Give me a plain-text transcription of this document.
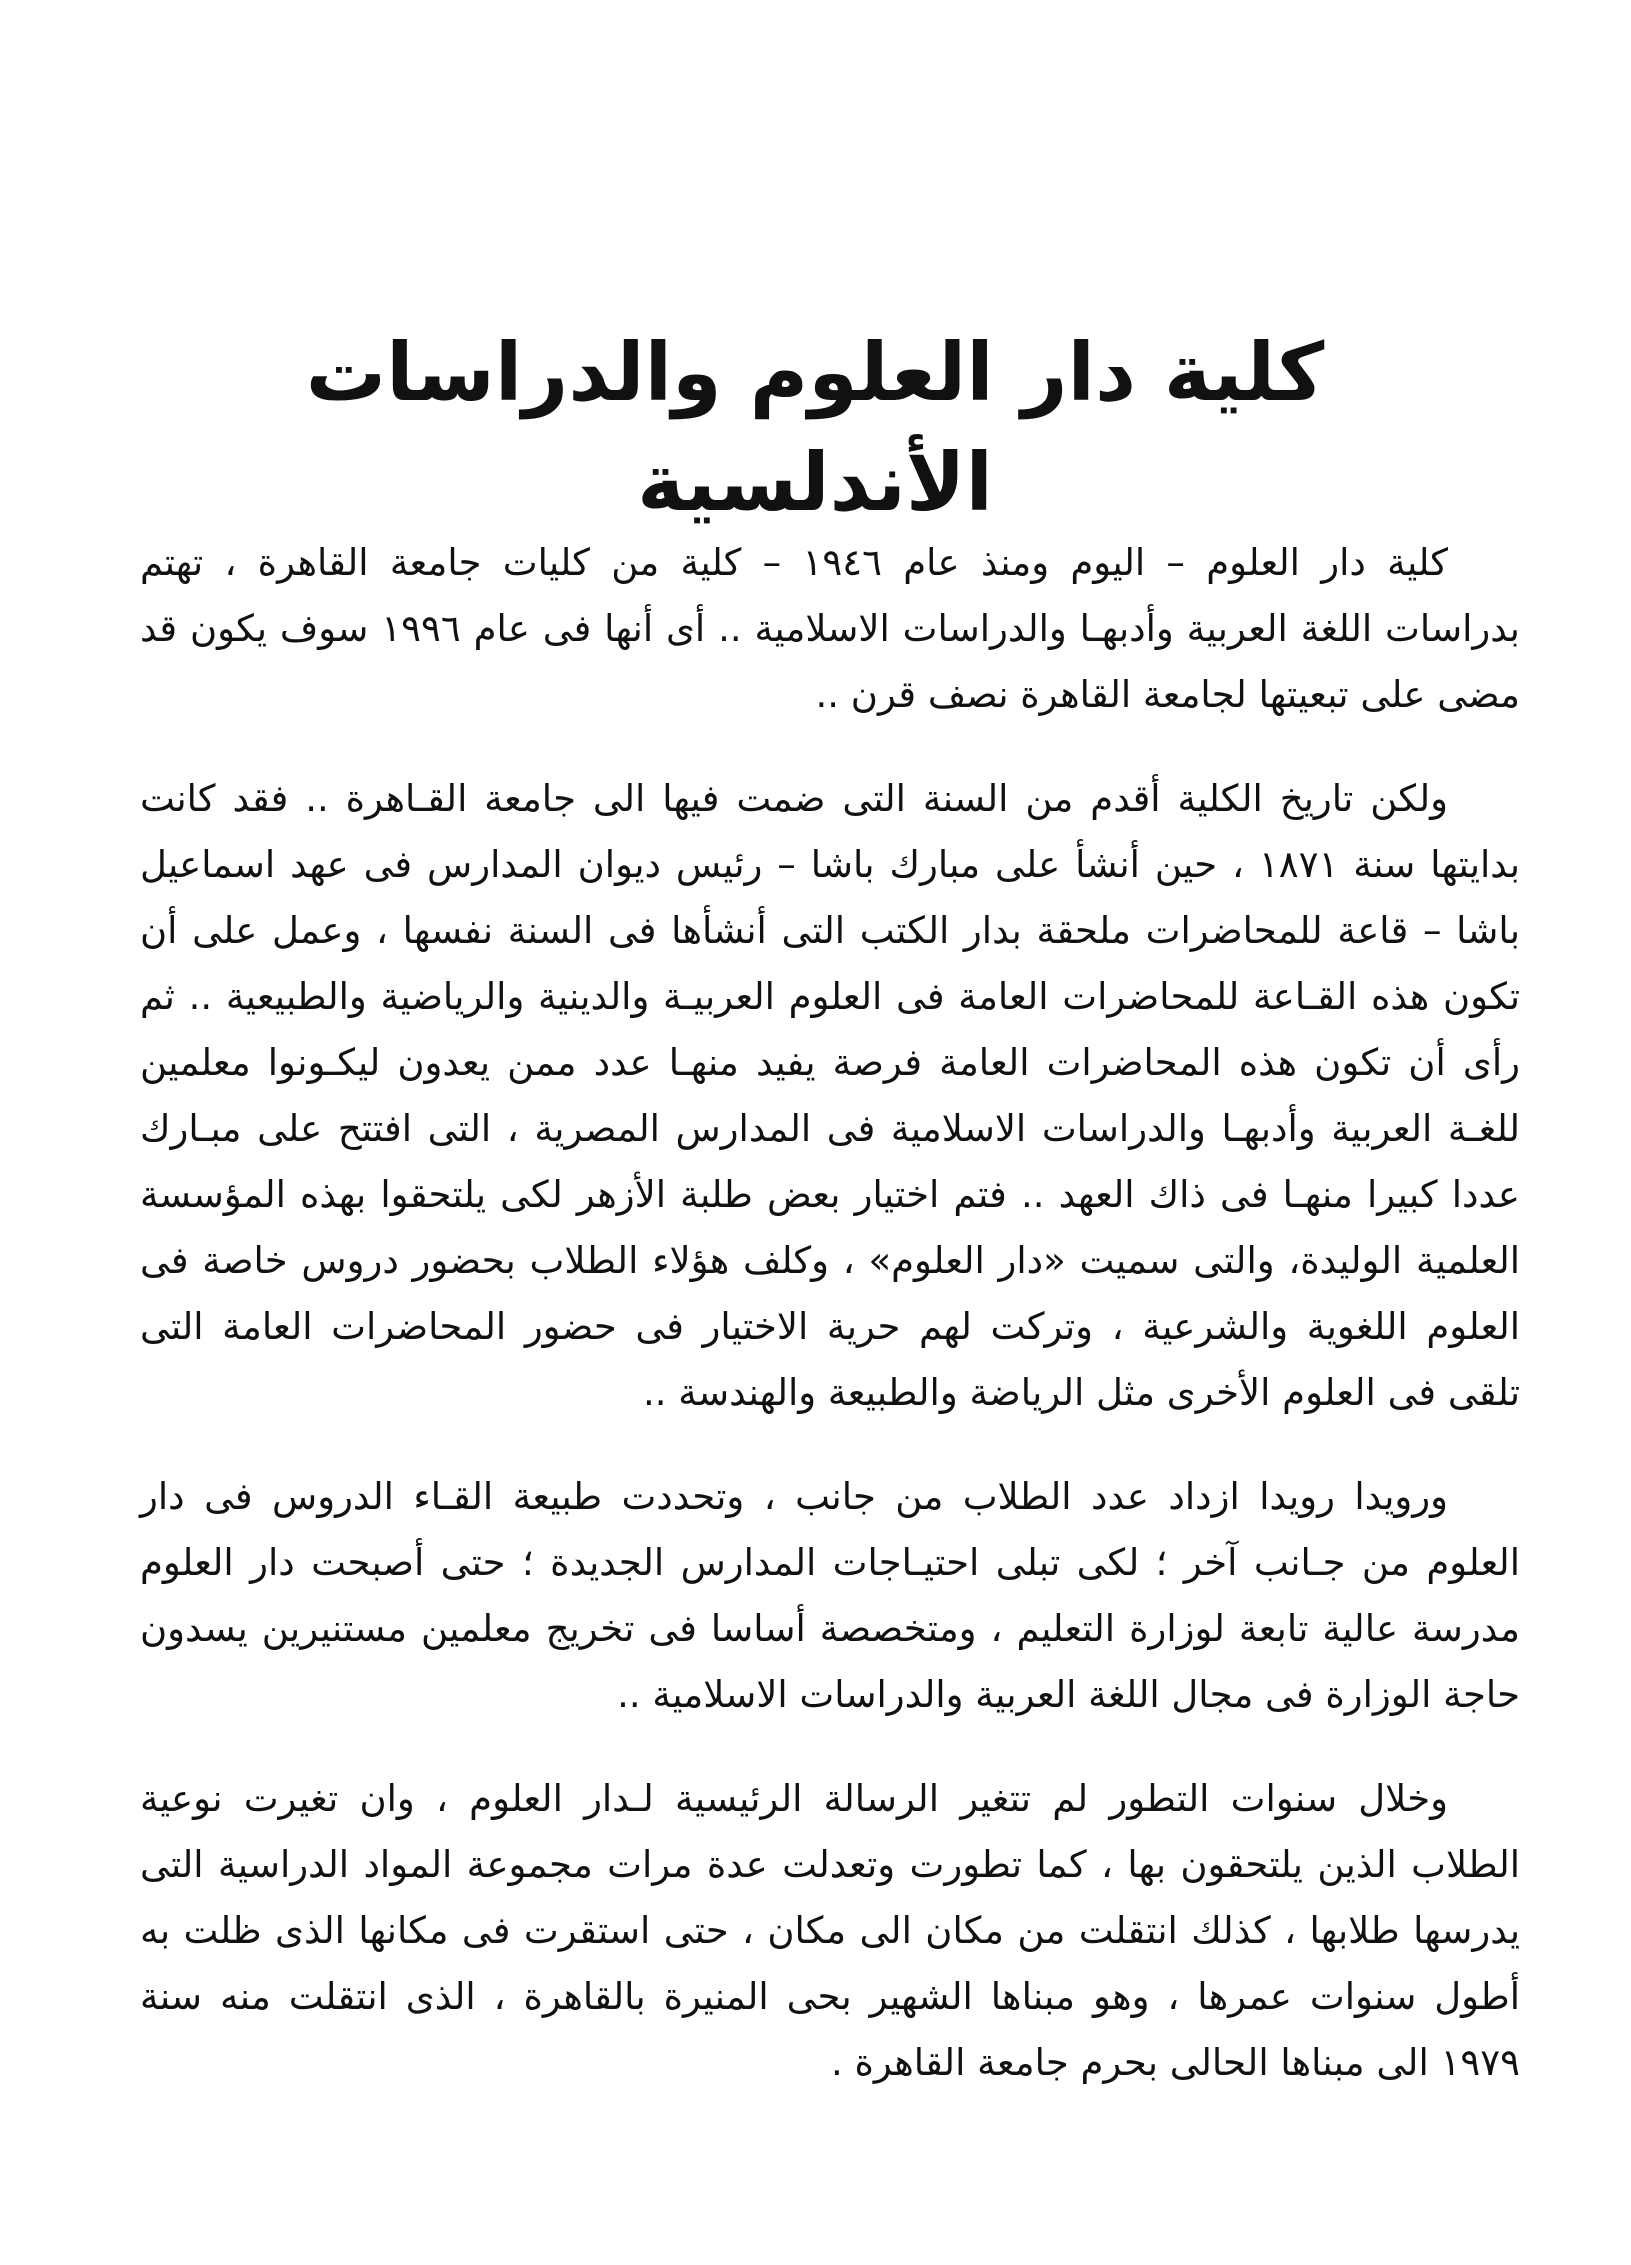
كلية دار العلوم والدراسات الأندلسية

كلية دار العلوم – اليوم ومنذ عام ١٩٤٦ – كلية من كليات جامعة القاهرة ، تهتم بدراسات اللغة العربية وأدبهـا والدراسات الاسلامية .. أى أنها فى عام ١٩٩٦ سوف يكون قد مضى على تبعيتها لجامعة القاهرة نصف قرن ..

ولكن تاريخ الكلية أقدم من السنة التى ضمت فيها الى جامعة القـاهرة .. فقد كانت بدايتها سنة ١٨٧١ ، حين أنشأ على مبارك باشا – رئيس ديوان المدارس فى عهد اسماعيل باشا – قاعة للمحاضرات ملحقة بدار الكتب التى أنشأها فى السنة نفسها ، وعمل على أن تكون هذه القـاعة للمحاضرات العامة فى العلوم العربيـة والدينية والرياضية والطبيعية .. ثم رأى أن تكون هذه المحاضرات العامة فرصة يفيد منهـا عدد ممن يعدون ليكـونوا معلمين للغـة العربية وأدبهـا والدراسات الاسلامية فى المدارس المصرية ، التى افتتح على مبـارك عددا كبيرا منهـا فى ذاك العهد .. فتم اختيار بعض طلبة الأزهر لكى يلتحقوا بهذه المؤسسة العلمية الوليدة، والتى سميت «دار العلوم» ، وكلف هؤلاء الطلاب بحضور دروس خاصة فى العلوم اللغوية والشرعية ، وتركت لهم حرية الاختيار فى حضور المحاضرات العامة التى تلقى فى العلوم الأخرى مثل الرياضة والطبيعة والهندسة ..

ورويدا رويدا ازداد عدد الطلاب من جانب ، وتحددت طبيعة القـاء الدروس فى دار العلوم من جـانب آخر ؛ لكى تبلى احتيـاجات المدارس الجديدة ؛ حتى أصبحت دار العلوم مدرسة عالية تابعة لوزارة التعليم ، ومتخصصة أساسا فى تخريج معلمين مستنيرين يسدون حاجة الوزارة فى مجال اللغة العربية والدراسات الاسلامية ..

وخلال سنوات التطور لم تتغير الرسالة الرئيسية لـدار العلوم ، وان تغيرت نوعية الطلاب الذين يلتحقون بها ، كما تطورت وتعدلت عدة مرات مجموعة المواد الدراسية التى يدرسها طلابها ، كذلك انتقلت من مكان الى مكان ، حتى استقرت فى مكانها الذى ظلت به أطول سنوات عمرها ، وهو مبناها الشهير بحى المنيرة بالقاهرة ، الذى انتقلت منه سنة ١٩٧٩ الى مبناها الحالى بحرم جامعة القاهرة .
